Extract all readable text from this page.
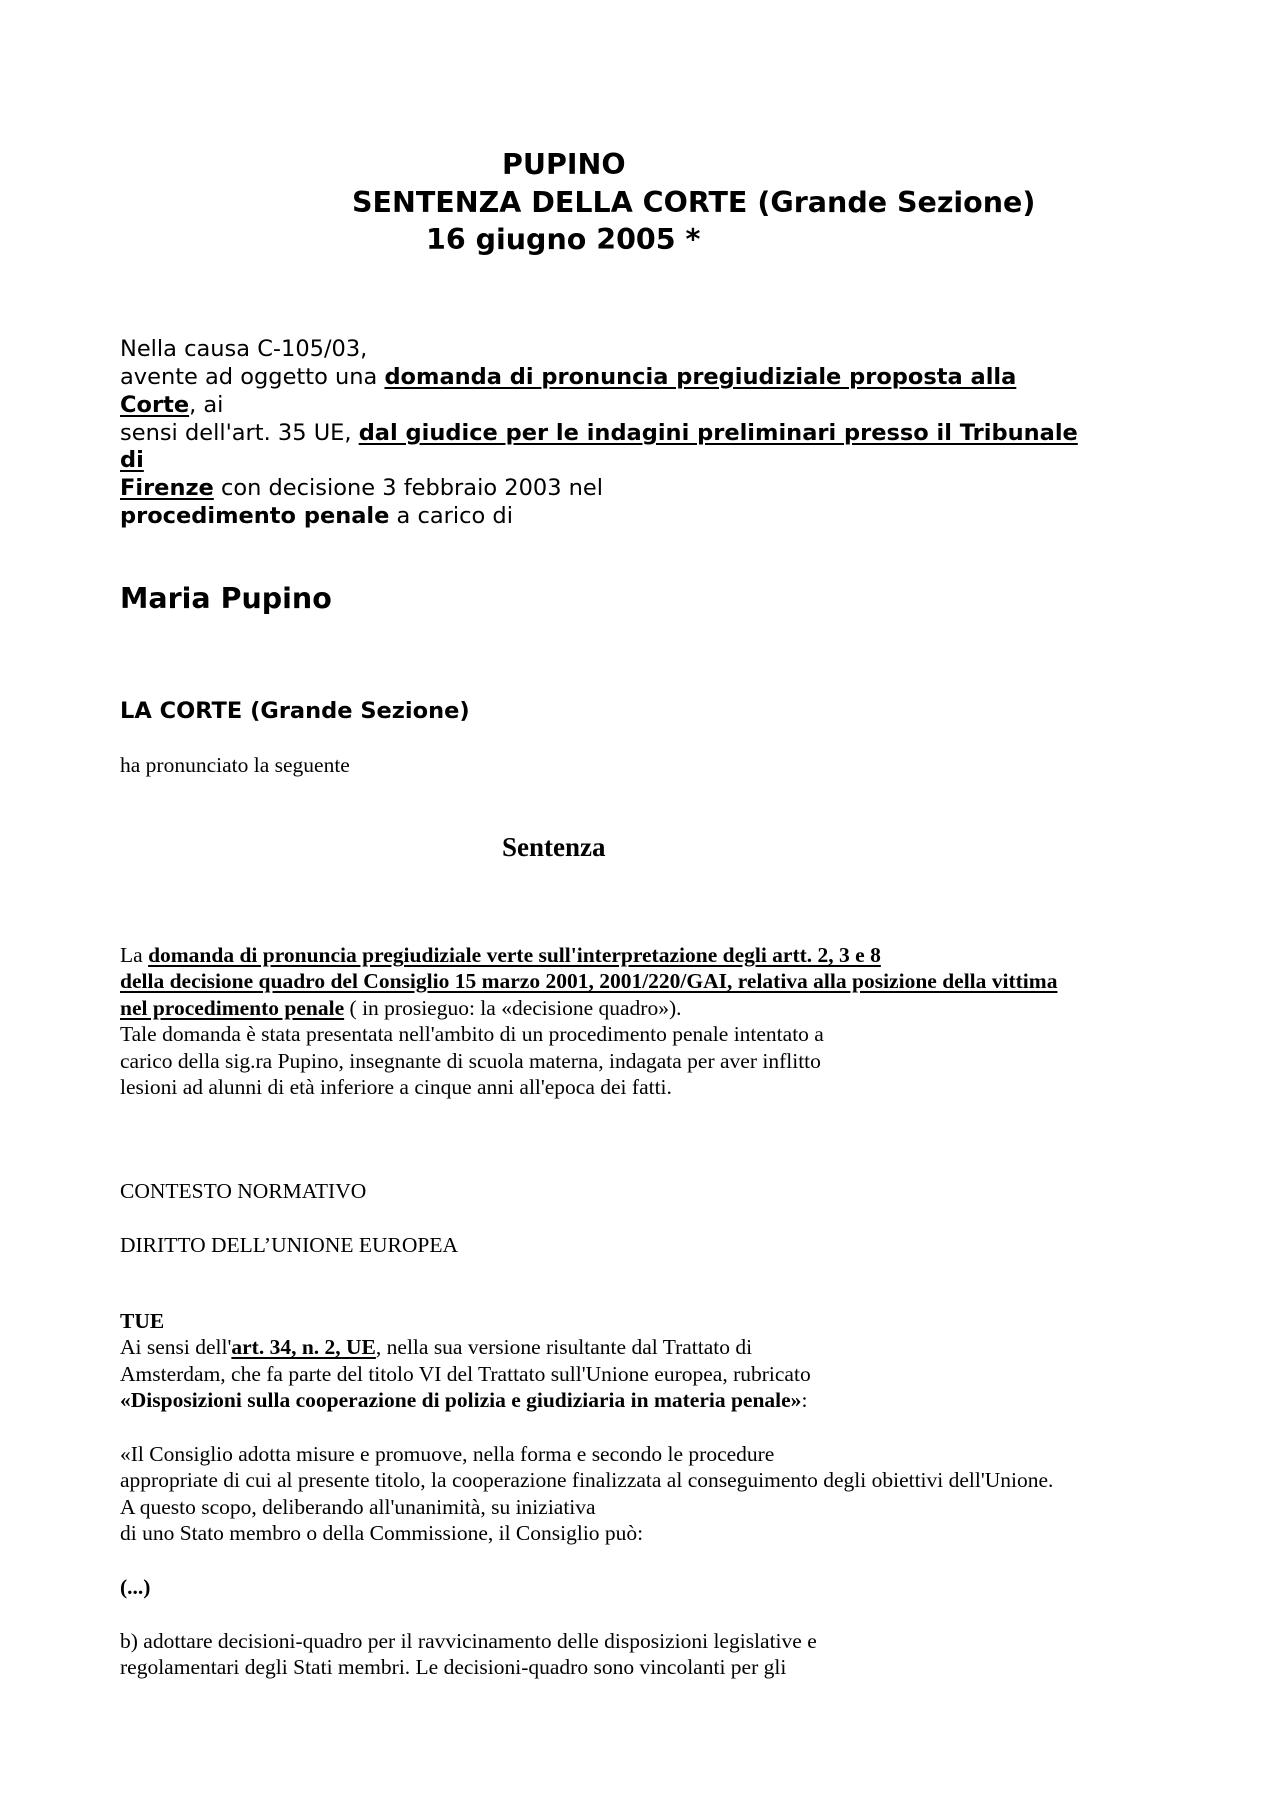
PUPINO
SENTENZA DELLA CORTE (Grande Sezione)
16 giugno 2005 *
Nella causa C-105/03,
avente ad oggetto una domanda di pronuncia pregiudiziale proposta alla
Corte, ai
sensi dell'art. 35 UE, dal giudice per le indagini preliminari presso il Tribunale
di
Firenze con decisione 3 febbraio 2003 nel
procedimento penale a carico di
Maria Pupino
LA CORTE (Grande Sezione)
ha pronunciato la seguente
Sentenza
La domanda di pronuncia pregiudiziale verte sull'interpretazione degli artt. 2, 3 e 8
della decisione quadro del Consiglio 15 marzo 2001, 2001/220/GAI, relativa alla posizione della vittima
nel procedimento penale ( in prosieguo: la «decisione quadro»).
Tale domanda è stata presentata nell'ambito di un procedimento penale intentato a
carico della sig.ra Pupino, insegnante di scuola materna, indagata per aver inflitto
lesioni ad alunni di età inferiore a cinque anni all'epoca dei fatti.
CONTESTO NORMATIVO
DIRITTO DELL’UNIONE EUROPEA
TUE
Ai sensi dell'art. 34, n. 2, UE, nella sua versione risultante dal Trattato di
Amsterdam, che fa parte del titolo VI del Trattato sull'Unione europea, rubricato
«Disposizioni sulla cooperazione di polizia e giudiziaria in materia penale»:
«Il Consiglio adotta misure e promuove, nella forma e secondo le procedure
appropriate di cui al presente titolo, la cooperazione finalizzata al conseguimento degli obiettivi dell'Unione.
A questo scopo, deliberando all'unanimità, su iniziativa
di uno Stato membro o della Commissione, il Consiglio può:
(...)
b) adottare decisioni-quadro per il ravvicinamento delle disposizioni legislative e
regolamentari degli Stati membri. Le decisioni-quadro sono vincolanti per gli
